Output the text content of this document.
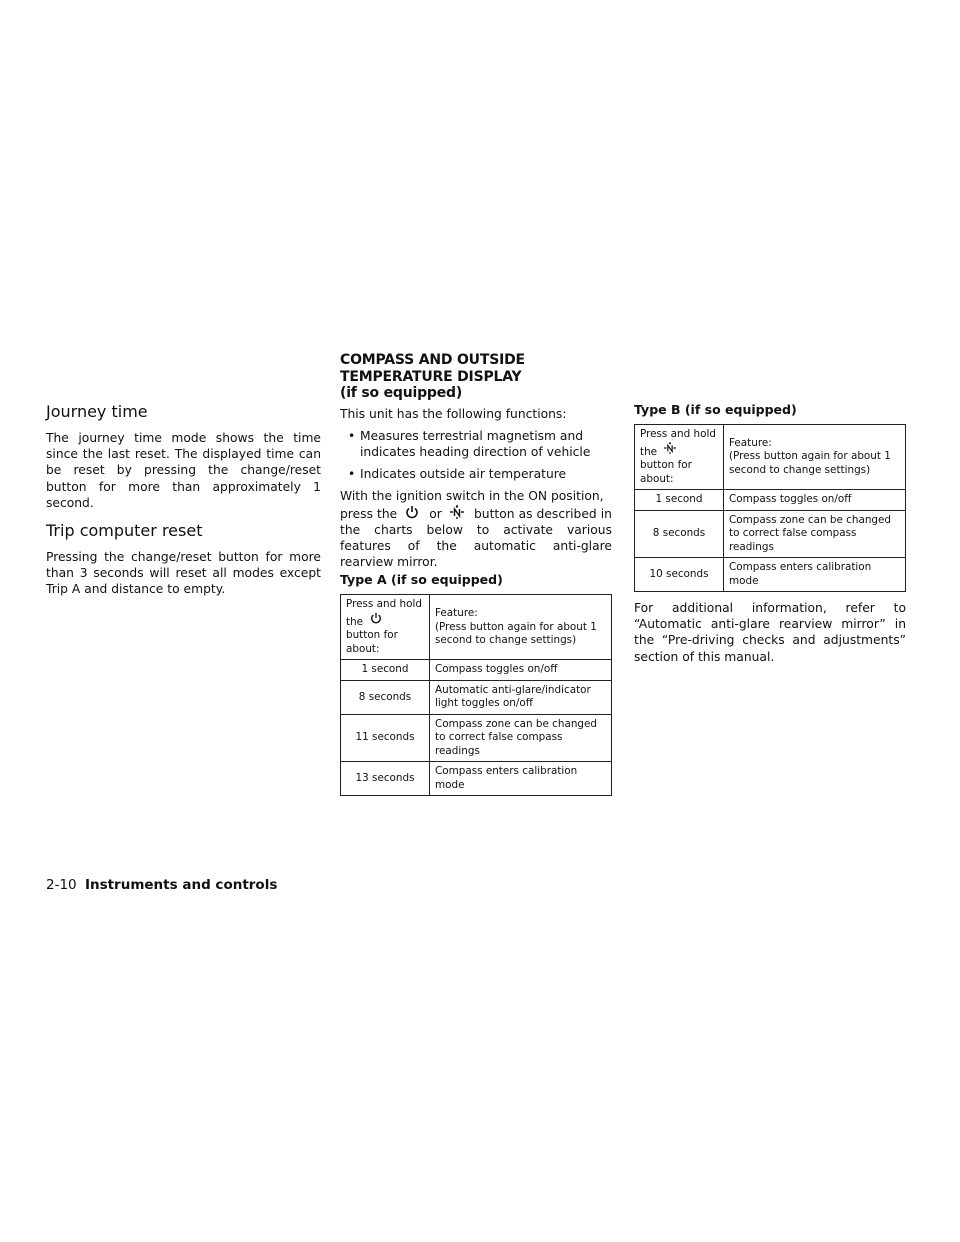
Journey time

The journey time mode shows the time since the last reset. The displayed time can be reset by pressing the change/reset button for more than approximately 1 second.

Trip computer reset

Pressing the change/reset button for more than 3 seconds will reset all modes except Trip A and distance to empty.

COMPASS AND OUTSIDE
TEMPERATURE DISPLAY
(if so equipped)

This unit has the following functions:

• Measures terrestrial magnetism and indicates heading direction of vehicle
• Indicates outside air temperature

With the ignition switch in the ON position,

press the	or	button as described in the charts below to activate various features of the automatic anti-glare rearview mirror.

Type A (if so equipped)

Press and hold the
button for about:	Feature:
(Press button again for about 1 second to change settings)
1 second	Compass toggles on/off
8 seconds	Automatic anti-glare/indicator light toggles on/off
11 seconds	Compass zone can be changed to correct false compass readings
13 seconds	Compass enters calibration mode

Type B (if so equipped)

Press and hold the
button for about:	Feature:
(Press button again for about 1 second to change settings)
1 second	Compass toggles on/off
8 seconds	Compass zone can be changed to correct false compass readings
10 seconds	Compass enters calibration mode

For additional information, refer to “Automatic anti-glare rearview mirror” in the “Pre-driving checks and adjustments” section of this manual.

2-10 Instruments and controls
